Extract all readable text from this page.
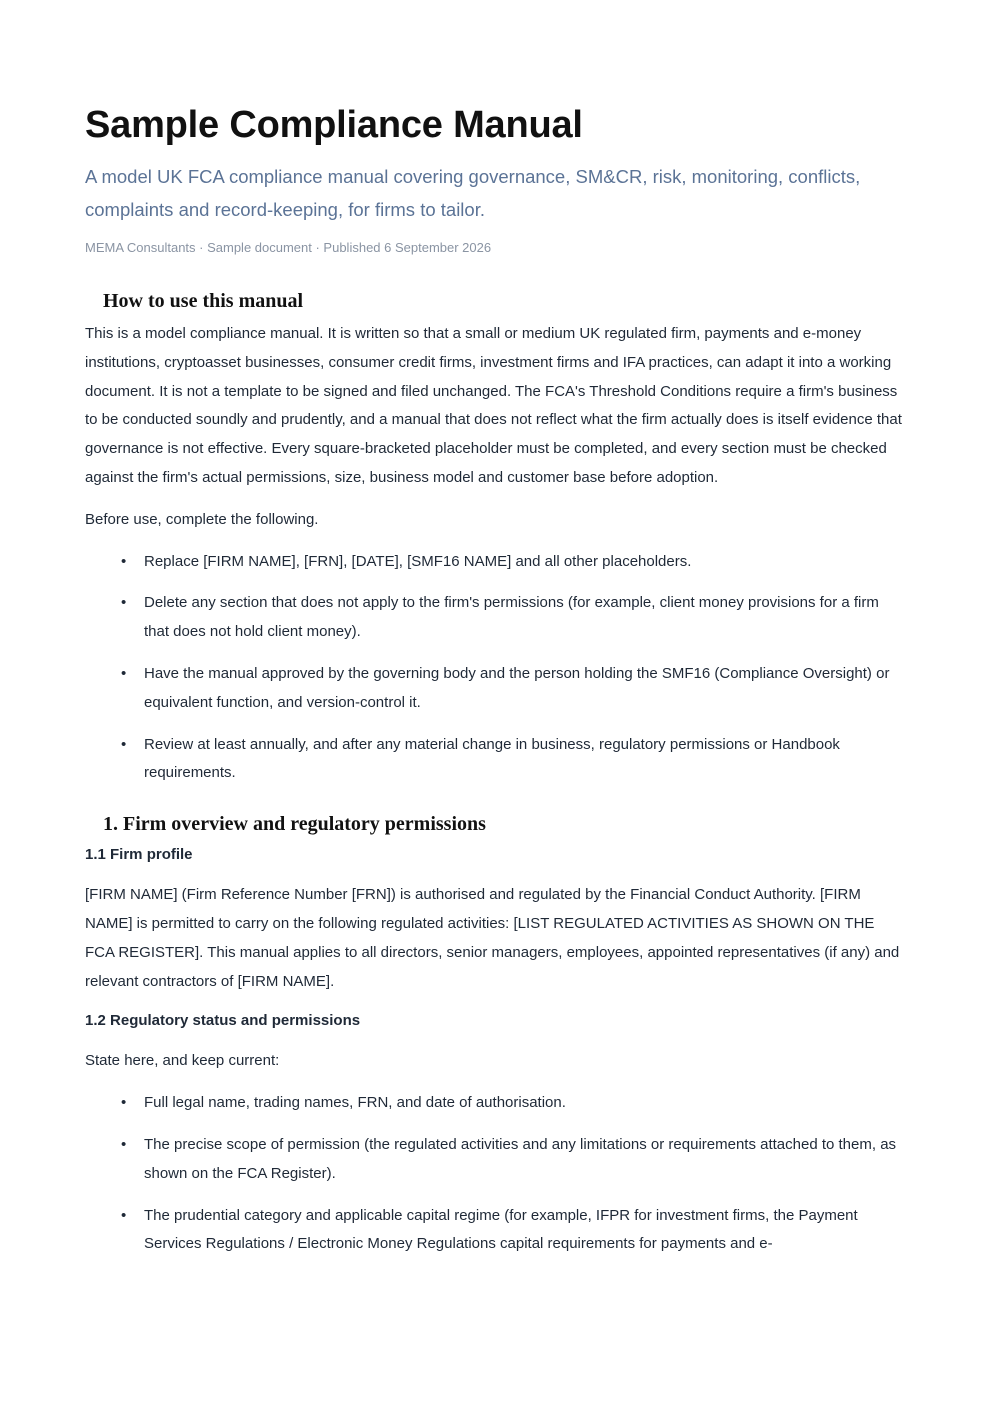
Sample Compliance Manual

A model UK FCA compliance manual covering governance, SM&CR, risk, monitoring, conflicts, complaints and record-keeping, for firms to tailor.

MEMA Consultants · Sample document · Published 6 September 2026

How to use this manual

This is a model compliance manual. It is written so that a small or medium UK regulated firm, payments and e-money institutions, cryptoasset businesses, consumer credit firms, investment firms and IFA practices, can adapt it into a working document. It is not a template to be signed and filed unchanged. The FCA's Threshold Conditions require a firm's business to be conducted soundly and prudently, and a manual that does not reflect what the firm actually does is itself evidence that governance is not effective. Every square-bracketed placeholder must be completed, and every section must be checked against the firm's actual permissions, size, business model and customer base before adoption.

Before use, complete the following.

• Replace [FIRM NAME], [FRN], [DATE], [SMF16 NAME] and all other placeholders.
• Delete any section that does not apply to the firm's permissions (for example, client money provisions for a firm that does not hold client money).
• Have the manual approved by the governing body and the person holding the SMF16 (Compliance Oversight) or equivalent function, and version-control it.
• Review at least annually, and after any material change in business, regulatory permissions or Handbook requirements.
1. Firm overview and regulatory permissions
1.1 Firm profile

[FIRM NAME] (Firm Reference Number [FRN]) is authorised and regulated by the Financial Conduct Authority. [FIRM NAME] is permitted to carry on the following regulated activities: [LIST REGULATED ACTIVITIES AS SHOWN ON THE FCA REGISTER]. This manual applies to all directors, senior managers, employees, appointed representatives (if any) and relevant contractors of [FIRM NAME].

1.2 Regulatory status and permissions

State here, and keep current:

• Full legal name, trading names, FRN, and date of authorisation.
• The precise scope of permission (the regulated activities and any limitations or requirements attached to them, as shown on the FCA Register).
• The prudential category and applicable capital regime (for example, IFPR for investment firms, the Payment Services Regulations / Electronic Money Regulations capital requirements for payments and e-
